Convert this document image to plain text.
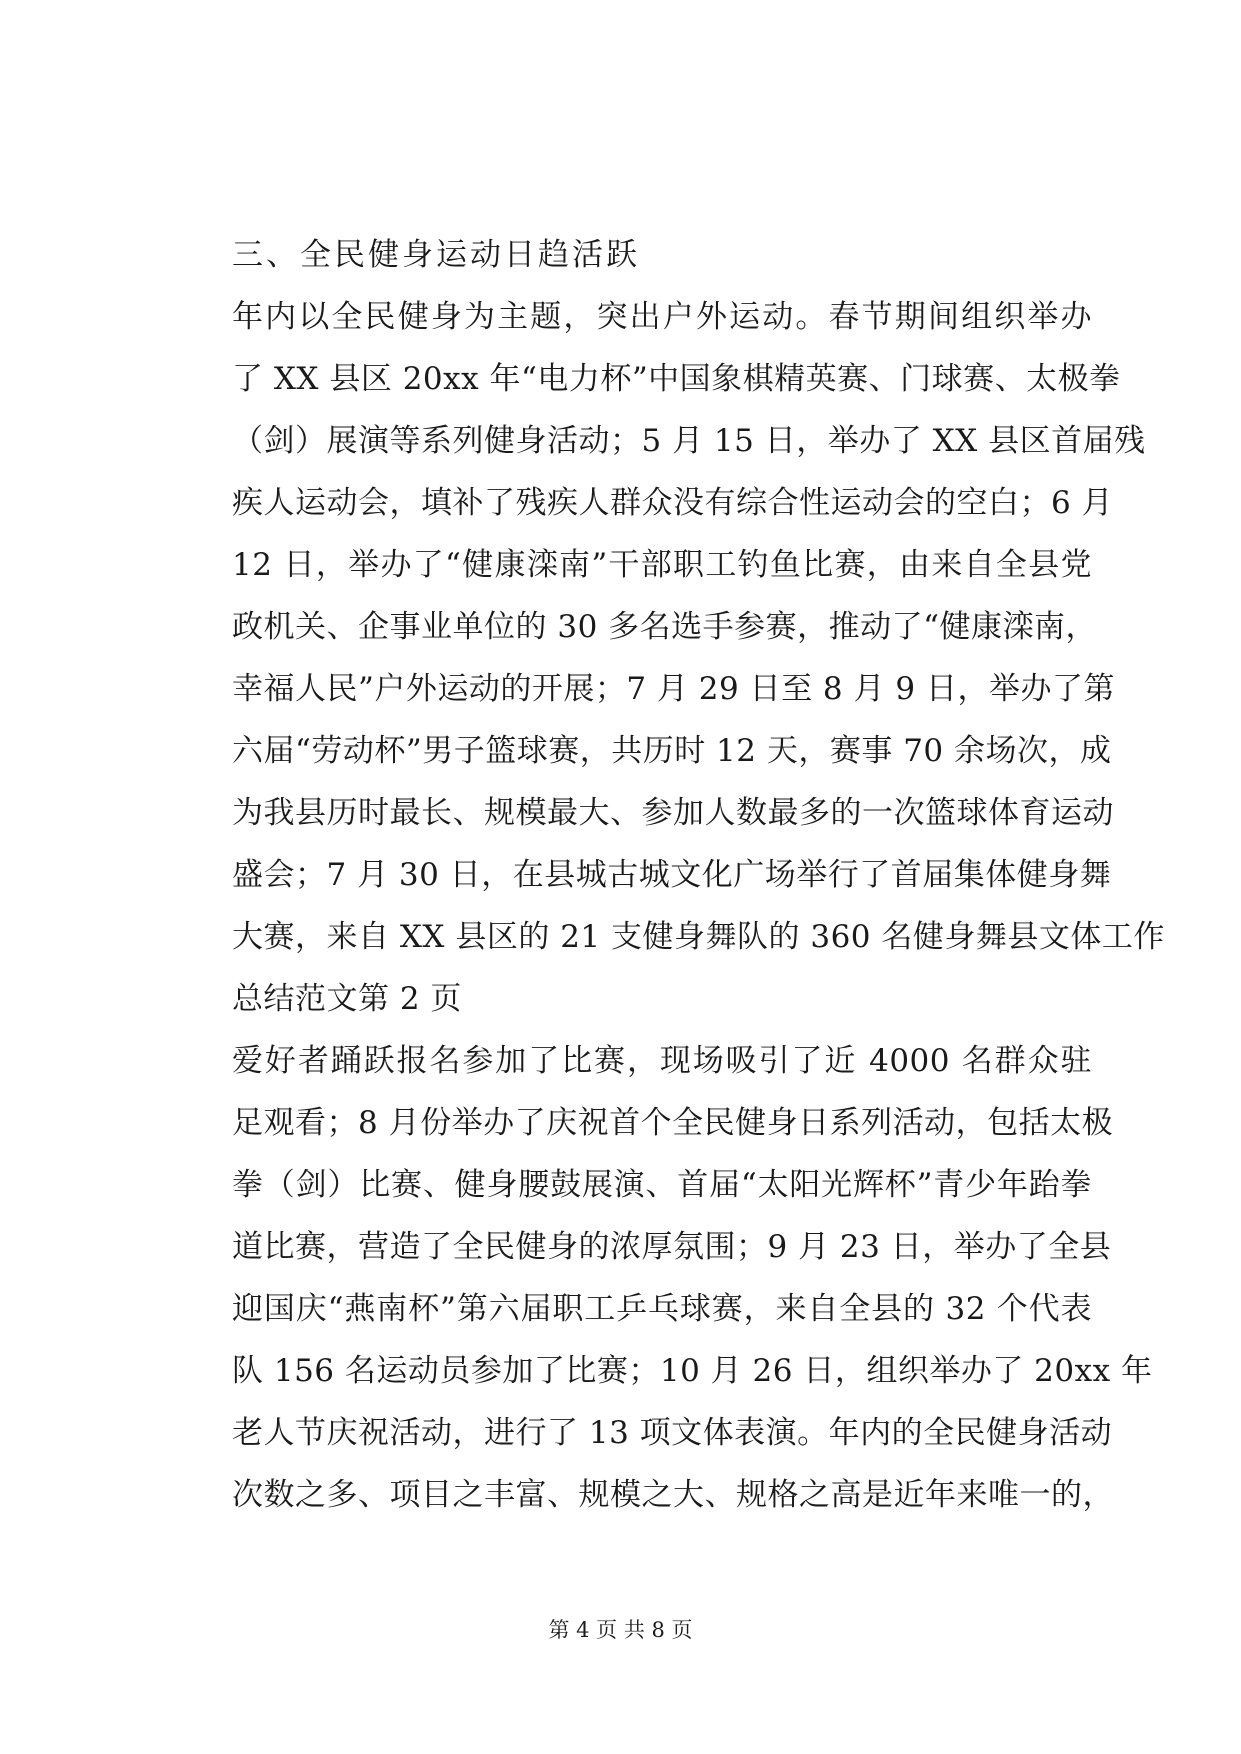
三、全民健身运动日趋活跃
年内以全民健身为主题，突出户外运动。春节期间组织举办
了 XX 县区 20xx 年“电力杯”中国象棋精英赛、门球赛、太极拳
（剑）展演等系列健身活动；5 月 15 日，举办了 XX 县区首届残
疾人运动会，填补了残疾人群众没有综合性运动会的空白；6 月
12 日，举办了“健康滦南”干部职工钓鱼比赛，由来自全县党
政机关、企事业单位的 30 多名选手参赛，推动了“健康滦南，
幸福人民”户外运动的开展；7 月 29 日至 8 月 9 日，举办了第
六届“劳动杯”男子篮球赛，共历时 12 天，赛事 70 余场次，成
为我县历时最长、规模最大、参加人数最多的一次篮球体育运动
盛会；7 月 30 日，在县城古城文化广场举行了首届集体健身舞
大赛，来自 XX 县区的 21 支健身舞队的 360 名健身舞县文体工作
总结范文第 2 页
爱好者踊跃报名参加了比赛，现场吸引了近 4000 名群众驻
足观看；8 月份举办了庆祝首个全民健身日系列活动，包括太极
拳（剑）比赛、健身腰鼓展演、首届“太阳光辉杯”青少年跆拳
道比赛，营造了全民健身的浓厚氛围；9 月 23 日，举办了全县
迎国庆“燕南杯”第六届职工乒乓球赛，来自全县的 32 个代表
队 156 名运动员参加了比赛；10 月 26 日，组织举办了 20xx 年
老人节庆祝活动，进行了 13 项文体表演。年内的全民健身活动
次数之多、项目之丰富、规模之大、规格之高是近年来唯一的，
第 4 页 共 8 页
